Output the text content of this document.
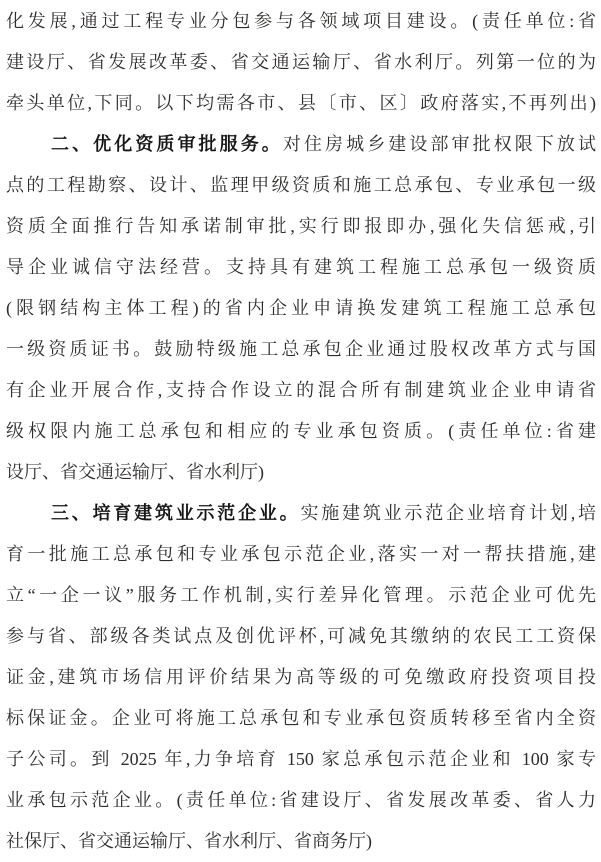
化发展,通过工程专业分包参与各领域项目建设。(责任单位:省
建设厅、省发展改革委、省交通运输厅、省水利厅。列第一位的为
牵头单位,下同。以下均需各市、县〔市、区〕政府落实,不再列出)
二、优化资质审批服务。对住房城乡建设部审批权限下放试
点的工程勘察、设计、监理甲级资质和施工总承包、专业承包一级
资质全面推行告知承诺制审批,实行即报即办,强化失信惩戒,引
导企业诚信守法经营。支持具有建筑工程施工总承包一级资质
(限钢结构主体工程)的省内企业申请换发建筑工程施工总承包
一级资质证书。鼓励特级施工总承包企业通过股权改革方式与国
有企业开展合作,支持合作设立的混合所有制建筑业企业申请省
级权限内施工总承包和相应的专业承包资质。(责任单位:省建
设厅、省交通运输厅、省水利厅)
三、培育建筑业示范企业。实施建筑业示范企业培育计划,培
育一批施工总承包和专业承包示范企业,落实一对一帮扶措施,建
立“一企一议”服务工作机制,实行差异化管理。示范企业可优先
参与省、部级各类试点及创优评杯,可减免其缴纳的农民工工资保
证金,建筑市场信用评价结果为高等级的可免缴政府投资项目投
标保证金。企业可将施工总承包和专业承包资质转移至省内全资
子公司。到 2025 年,力争培育 150 家总承包示范企业和 100 家专
业承包示范企业。(责任单位:省建设厅、省发展改革委、省人力
社保厅、省交通运输厅、省水利厅、省商务厅)
